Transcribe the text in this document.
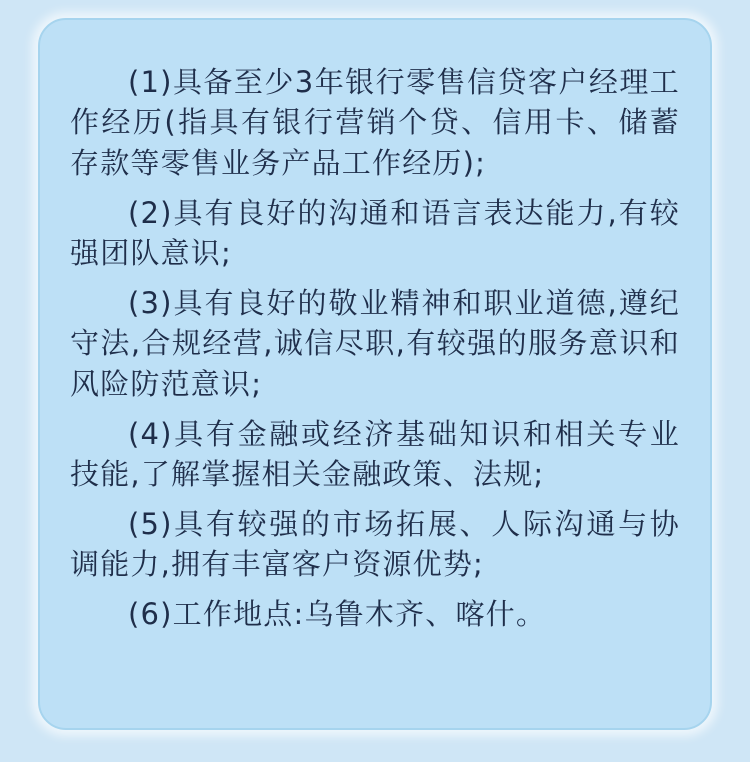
(1)具备至少3年银行零售信贷客户经理工作经历(指具有银行营销个贷、信用卡、储蓄存款等零售业务产品工作经历);

(2)具有良好的沟通和语言表达能力,有较强团队意识;

(3)具有良好的敬业精神和职业道德,遵纪守法,合规经营,诚信尽职,有较强的服务意识和风险防范意识;

(4)具有金融或经济基础知识和相关专业技能,了解掌握相关金融政策、法规;

(5)具有较强的市场拓展、人际沟通与协调能力,拥有丰富客户资源优势;

(6)工作地点:乌鲁木齐、喀什。
